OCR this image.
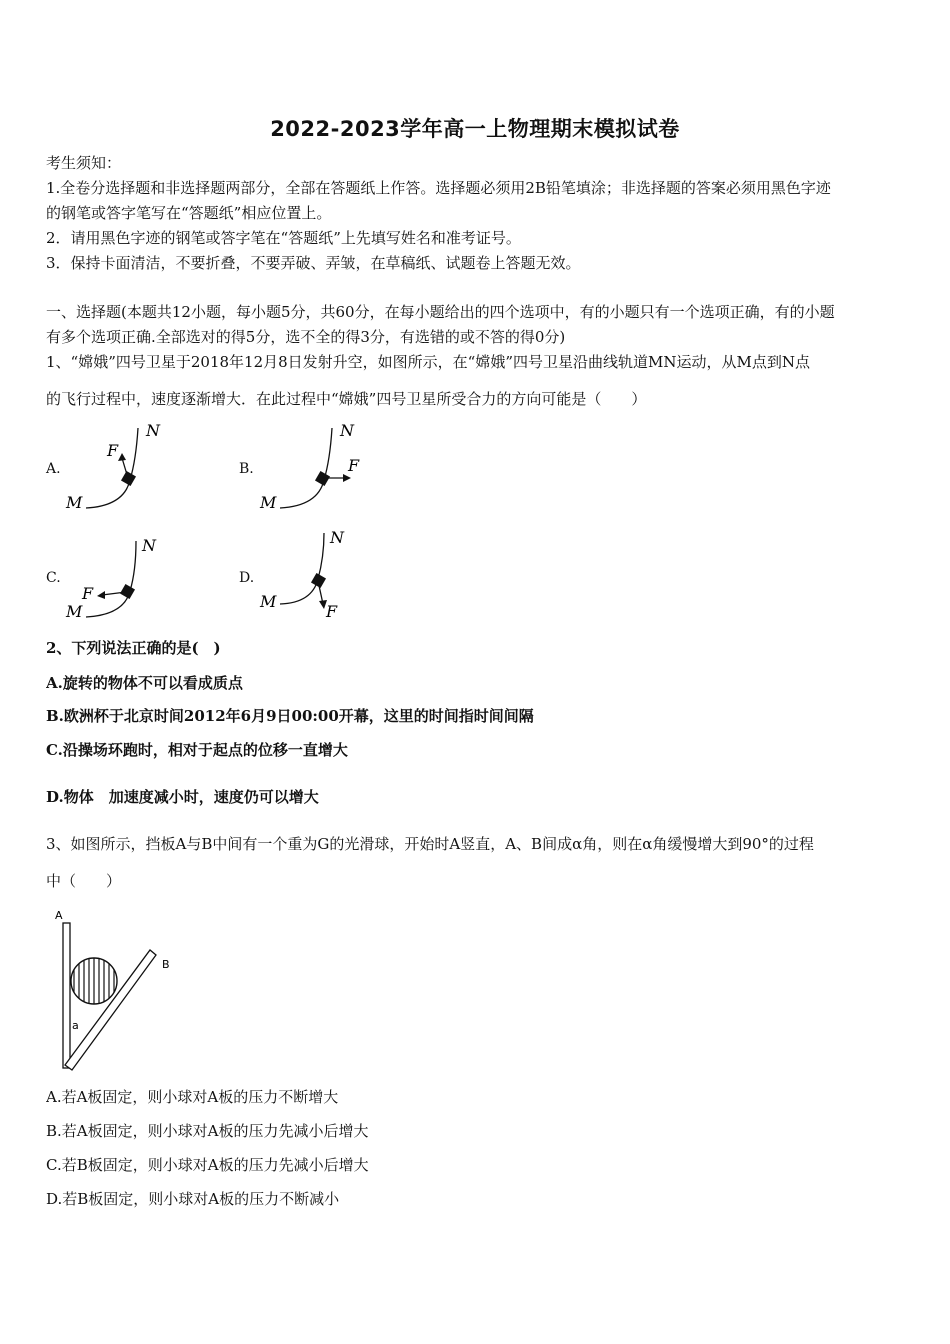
2022-2023学年高一上物理期末模拟试卷
考生须知：
1.全卷分选择题和非选择题两部分，全部在答题纸上作答。选择题必须用2B铅笔填涂；非选择题的答案必须用黑色字迹
的钢笔或答字笔写在“答题纸”相应位置上。
2．请用黑色字迹的钢笔或答字笔在“答题纸”上先填写姓名和准考证号。
3．保持卡面清洁，不要折叠，不要弄破、弄皱，在草稿纸、试题卷上答题无效。
一、选择题(本题共12小题，每小题5分，共60分，在每小题给出的四个选项中，有的小题只有一个选项正确，有的小题
有多个选项正确.全部选对的得5分，选不全的得3分，有选错的或不答的得0分)
1、“嫦娥”四号卫星于2018年12月8日发射升空，如图所示，在“嫦娥”四号卫星沿曲线轨道MN运动，从M点到N点
的飞行过程中，速度逐渐增大．在此过程中“嫦娥”四号卫星所受合力的方向可能是（　　）
A.
N
F
M
B.
N
F
M
C.
N
F
M
D.
N
F
M
2、下列说法正确的是(　)
A.旋转的物体不可以看成质点
B.欧洲杯于北京时间2012年6月9日00:00开幕，这里的时间指时间间隔
C.沿操场环跑时，相对于起点的位移一直增大
D.物体　加速度减小时，速度仍可以增大
3、如图所示，挡板A与B中间有一个重为G的光滑球，开始时A竖直，A、B间成α角，则在α角缓慢增大到90°的过程
中（　　）
A
B
a
A.若A板固定，则小球对A板的压力不断增大
B.若A板固定，则小球对A板的压力先减小后增大
C.若B板固定，则小球对A板的压力先减小后增大
D.若B板固定，则小球对A板的压力不断减小
